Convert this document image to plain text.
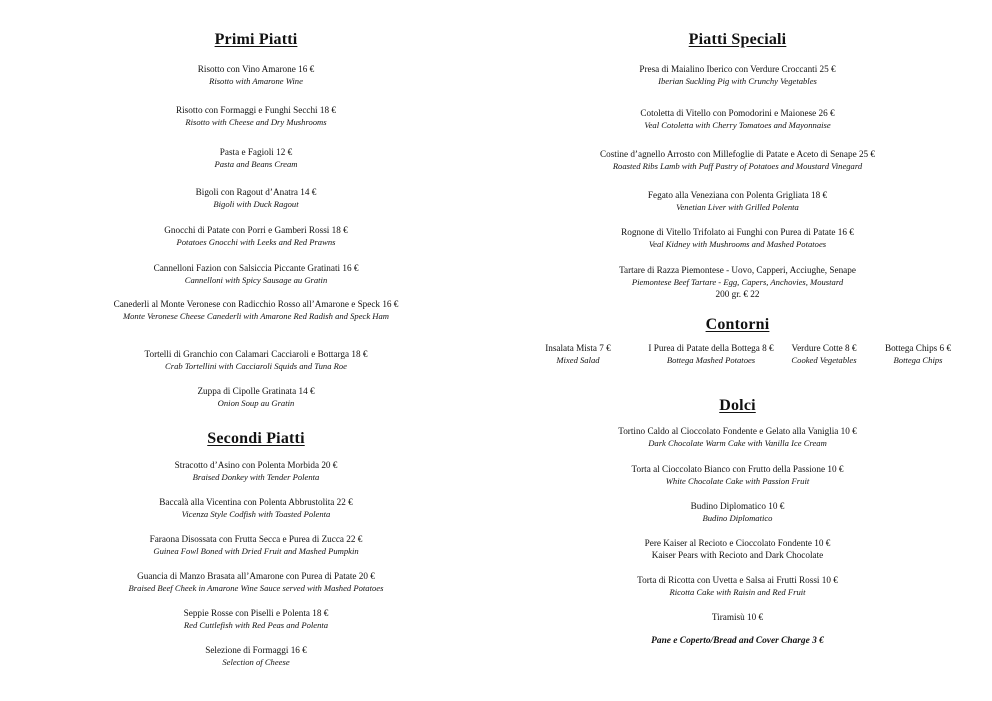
Primi Piatti
Risotto con Vino Amarone 16 €
Risotto with Amarone Wine
Risotto con Formaggi e Funghi Secchi 18 €
Risotto with Cheese and Dry Mushrooms
Pasta e Fagioli 12 €
Pasta and Beans Cream
Bigoli con Ragout d’Anatra 14 €
Bigoli with Duck Ragout
Gnocchi di Patate con Porri e Gamberi Rossi 18 €
Potatoes Gnocchi with Leeks and Red Prawns
Cannelloni Fazion con Salsiccia Piccante Gratinati 16 €
Cannelloni with Spicy Sausage au Gratin
Canederli al Monte Veronese con Radicchio Rosso all’Amarone e Speck 16 €
Monte Veronese Cheese Canederli with Amarone Red Radish and Speck Ham
Tortelli di Granchio con Calamari Cacciaroli e Bottarga 18 €
Crab Tortellini with Cacciaroli Squids and Tuna Roe
Zuppa di Cipolle Gratinata 14 €
Onion Soup au Gratin
Secondi Piatti
Stracotto d’Asino con Polenta Morbida 20 €
Braised Donkey with Tender Polenta
Baccalà alla Vicentina con Polenta Abbrustolita 22 €
Vicenza Style Codfish with Toasted Polenta
Faraona Disossata con Frutta Secca e Purea di Zucca 22 €
Guinea Fowl Boned with Dried Fruit and Mashed Pumpkin
Guancia di Manzo Brasata all’Amarone con Purea di Patate 20 €
Braised Beef Cheek in Amarone Wine Sauce served with Mashed Potatoes
Seppie Rosse con Piselli e Polenta 18 €
Red Cuttlefish with Red Peas and Polenta
Selezione di Formaggi 16 €
Selection of Cheese
Piatti Speciali
Presa di Maialino Iberico con Verdure Croccanti 25 €
Iberian Suckling Pig with Crunchy Vegetables
Cotoletta di Vitello con Pomodorini e Maionese 26 €
Veal Cotoletta with Cherry Tomatoes and Mayonnaise
Costine d’agnello Arrosto con Millefoglie di Patate e Aceto di Senape 25 €
Roasted Ribs Lamb with Puff Pastry of Potatoes and Moustard Vinegard
Fegato alla Veneziana con Polenta Grigliata 18 €
Venetian Liver with Grilled Polenta
Rognone di Vitello Trifolato ai Funghi con Purea di Patate 16 €
Veal Kidney with Mushrooms and Mashed Potatoes
Tartare di Razza Piemontese - Uovo, Capperi, Acciughe, Senape
Piemontese Beef Tartare - Egg, Capers, Anchovies, Moustard
200 gr. € 22
Contorni
Dolci
Tortino Caldo al Cioccolato Fondente e Gelato alla Vaniglia 10 €
Dark Chocolate Warm Cake with Vanilla Ice Cream
Torta al Cioccolato Bianco con Frutto della Passione 10 €
White Chocolate Cake with Passion Fruit
Budino Diplomatico 10 €
Budino Diplomatico
Pere Kaiser al Recioto e Cioccolato Fondente 10 €
Kaiser Pears with Recioto and Dark Chocolate
Torta di Ricotta con Uvetta e Salsa ai Frutti Rossi 10 €
Ricotta Cake with Raisin and Red Fruit
Tiramisù 10 €
Pane e Coperto/Bread and Cover Charge 3 €
Insalata Mista 7 €
Mixed Salad
I Purea di Patate della Bottega 8 €
Bottega Mashed Potatoes
Verdure Cotte 8 €
Cooked Vegetables
Bottega Chips 6 €
Bottega Chips
